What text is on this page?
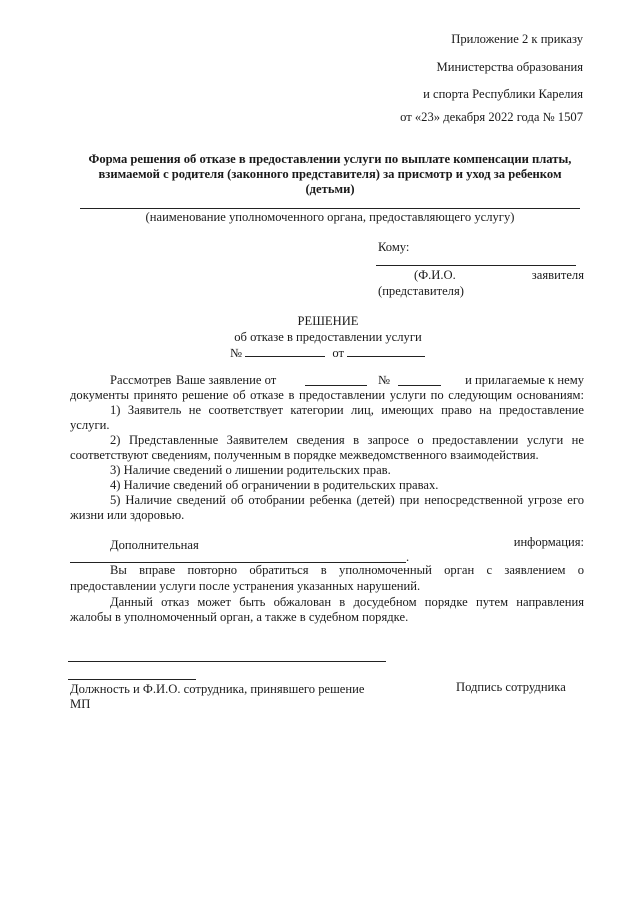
Приложение 2 к приказу
Министерства образования
и спорта Республики Карелия
от «23» декабря 2022 года № 1507
Форма решения об отказе в предоставлении услуги по выплате компенсации платы,
взимаемой с родителя (законного представителя) за присмотр и уход за ребенком
(детьми)
(наименование уполномоченного органа, предоставляющего услугу)
Кому:
(Ф.И.О.	заявителя
(представителя)
РЕШЕНИЕ
об отказе в предоставлении услуги
№	от
Рассмотрев Ваше заявление от	№	и прилагаемые к нему
документы принято решение об отказе в предоставлении услуги по следующим основаниям:
1) Заявитель не соответствует категории лиц, имеющих право на предоставление
услуги.
2) Представленные Заявителем сведения в запросе о предоставлении услуги не
соответствуют сведениям, полученным в порядке межведомственного взаимодействия.
3) Наличие сведений о лишении родительских прав.
4) Наличие сведений об ограничении в родительских правах.
5) Наличие сведений об отобрании ребенка (детей) при непосредственной угрозе его
жизни или здоровью.
Дополнительная	информация:
.
Вы вправе повторно обратиться в уполномоченный орган с заявлением о
предоставлении услуги после устранения указанных нарушений.
Данный отказ может быть обжалован в досудебном порядке путем направления
жалобы в уполномоченный орган, а также в судебном порядке.
Должность и Ф.И.О. сотрудника, принявшего решение	Подпись сотрудника
МП
